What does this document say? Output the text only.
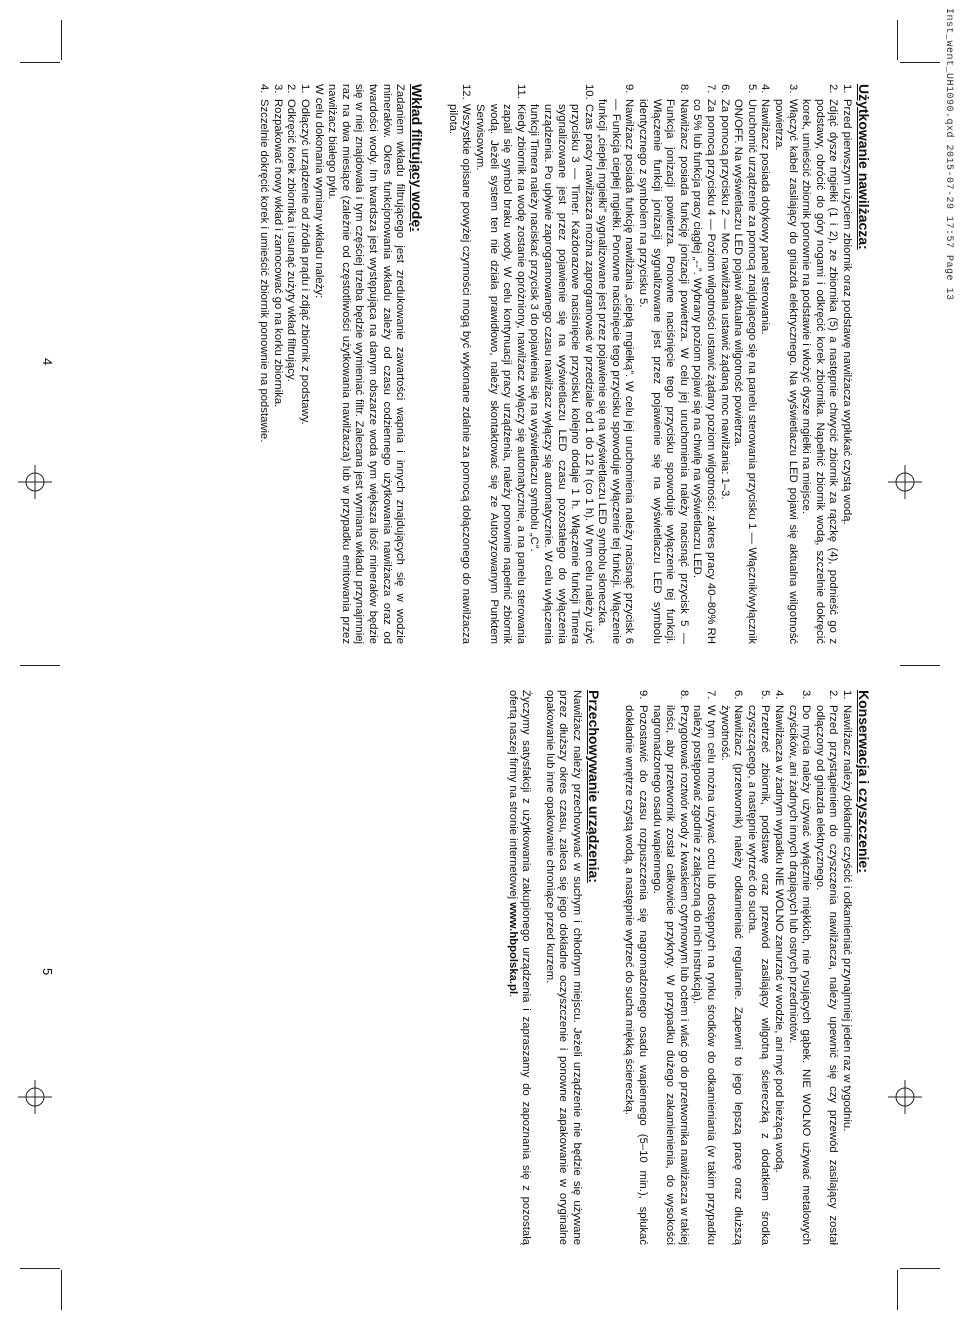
Inst_went_UH1090.qxd 2015-07-29 17:57 Page 13
Użytkowanie nawilżacza:
1.
Przed pierwszym użyciem zbiornik oraz podstawę nawilżacza wypłukać czystą wodą.
2.
Zdjąć dysze mgiełki (1 i 2), ze zbiornika (5) a następnie chwycić zbiornik za rączkę (4), podnieść go z podstawy, obrócić do góry nogami i odkręcić korek zbiornika. Napełnić zbiornik wodą, szczelnie dokręcić korek, umieścić zbiornik ponownie na podstawie i włożyć dysze mgiełki na miejsce.
3.
Włączyć kabel zasilający do gniazda elektrycznego. Na wyświetlaczu LED pojawi się aktualna wilgotność powietrza.
4.
Nawilżacz posiada dotykowy panel sterowania.
5.
Uruchomić urządzenie za pomocą znajdującego się na panelu sterowania przycisku 1 — Włącznik/wyłącznik ON/OFF. Na wyświetlaczu LED pojawi aktualna wilgotność powietrza.
6.
Za pomocą przycisku 2 — Moc nawilżania ustawić żądaną moc nawilżania: 1–3.
7.
Za pomocą przycisku 4 — Poziom wilgotności ustawić żądany poziom wilgotności: zakres pracy 40–80% RH co 5% lub funkcja pracy ciągłej „--”. Wybrany poziom pojawi się na chwilę na wyświetlaczu LED.
8.
Nawilżacz posiada funkcję jonizacji powietrza. W celu jej uruchomienia należy nacisnąć przycisk 5 — Funkcja jonizacji powietrza. Ponowne naciśnięcie tego przycisku spowoduje wyłączenie tej funkcji. Włączenie funkcji jonizacji sygnalizowane jest przez pojawienie się na wyświetlaczu LED symbolu identycznego z symbolem na przycisku 5.
9.
Nawilżacz posiada funkcję nawilżania „ciepłą mgiełką”. W celu jej uruchomienia należy nacisnąć przycisk 6 — Funkcja ciepłej mgiełki. Ponowne naciśnięcie tego przycisku spowoduje wyłączenie tej funkcji. Włączenie funkcji „ciepłej mgiełki” sygnalizowane jest przez pojawienie się na wyświetlaczu LED symbolu słoneczka.
10.
Czas pracy nawilżacza można zaprogramować w przedziale od 1 do 12 h (co 1 h). W tym celu należy użyć przycisku 3 — Timer. Każdorazowe naciśnięcie przycisku kolejno dodaje 1 h. Włączenie funkcji Timera sygnalizowane jest przez pojawienie się na wyświetlaczu LED czasu pozostałego do wyłączenia urządzenia. Po upływie zaprogramowanego czasu nawilżacz wyłączy się automatycznie. W celu wyłączenia funkcji Timera należy naciskać przycisk 3 do pojawienia się na wyświetlaczu symbolu „C”.
11.
Kiedy zbiornik na wodę zostanie opróżniony, nawilżacz wyłączy się automatycznie, a na panelu sterowania zapali się symbol braku wody. W celu kontynuacji pracy urządzenia, należy ponownie napełnić zbiornik wodą. Jeżeli system ten nie działa prawidłowo, należy skontaktować się ze Autoryzowanym Punktem Serwisowym.
12.
Wszystkie opisane powyżej czynności mogą być wykonane zdalnie za pomocą dołączonego do nawilżacza pilota.
Wkład filtrujący wodę:

Zadaniem wkładu filtrującego jest zredukowanie zawartości wapnia i innych znajdujących się w wodzie minerałów. Okres funkcjonowania wkładu zależy od czasu codziennego użytkowania nawilżacza oraz od twardości wody. Im twardsza jest występująca na danym obszarze woda tym większa ilość minerałów będzie się w niej znajdowała i tym częściej trzeba będzie wymieniać filtr. Zalecana jest wymiana wkładu przynajmniej raz na dwa miesiące (zależnie od częstotliwości użytkowania nawilżacza) lub w przypadku emitowania przez nawilżacz białego pyłu.

W celu dokonania wymiany wkładu należy:

1.
Odłączyć urządzenie od źródła prądu i zdjąć zbiornik z podstawy.
2.
Odkręcić korek zbiornika i usunąć zużyty wkład filtrujący.
3.
Rozpakować nowy wkład i zamocować go na korku zbiornika.
4.
Szczelnie dokręcić korek i umieścić zbiornik ponownie na podstawie.
4
Konserwacja i czyszczenie:
1.
Nawilżacz należy dokładnie czyścić i odkamieniać przynajmniej jeden raz w tygodniu.
2.
Przed przystąpieniem do czyszczenia nawilżacza, należy upewnić się czy przewód zasilający został odłączony od gniazda elektrycznego.
3.
Do mycia należy używać wyłącznie miękkich, nie rysujących gąbek. NIE WOLNO używać metalowych czyścików, ani żadnych innych drapiących lub ostrych przedmiotów.
4.
Nawilżacza w żadnym wypadku NIE WOLNO zanurzać w wodzie, ani myć pod bieżącą wodą.
5.
Przetrzeć zbiornik, podstawę oraz przewód zasilający wilgotną ściereczką z dodatkiem środka czyszczącego, a następnie wytrzeć do sucha.
6.
Nawilżacz (przetwornik) należy odkamieniać regularnie. Zapewni to jego lepszą pracę oraz dłuższą żywotność.
7.
W tym celu można używać octu lub dostępnych na rynku środków do odkamieniania (w takim przypadku należy postępować zgodnie z załączoną do nich instrukcją).
8.
Przygotować roztwór wody z kwaskiem cytrynowym lub octem i wlać go do przetwornika nawilżacza w takiej ilości, aby przetwornik został całkowicie przykryty. W przypadku dużego zakamienienia, do wysokości nagromadzonego osadu wapiennego.
9.
Pozostawić do czasu rozpuszczenia się nagromadzonego osadu wapiennego (5–10 min.), spłukać dokładnie wnętrze czystą wodą, a następnie wytrzeć do sucha miękką ściereczką.
Przechowywanie urządzenia:

Nawilżacz należy przechowywać w suchym i chłodnym miejscu. Jeżeli urządzenie nie będzie się używane przez dłuższy okres czasu, zaleca się jego dokładne oczyszczenie i ponowne zapakowanie w oryginalne opakowanie lub inne opakowanie chroniące przed kurzem.

Życzymy satysfakcji z użytkowania zakupionego urządzenia i zapraszamy do zapoznania się z pozostałą ofertą naszej firmy na stronie internetowej www.hbpolska.pl.

5
